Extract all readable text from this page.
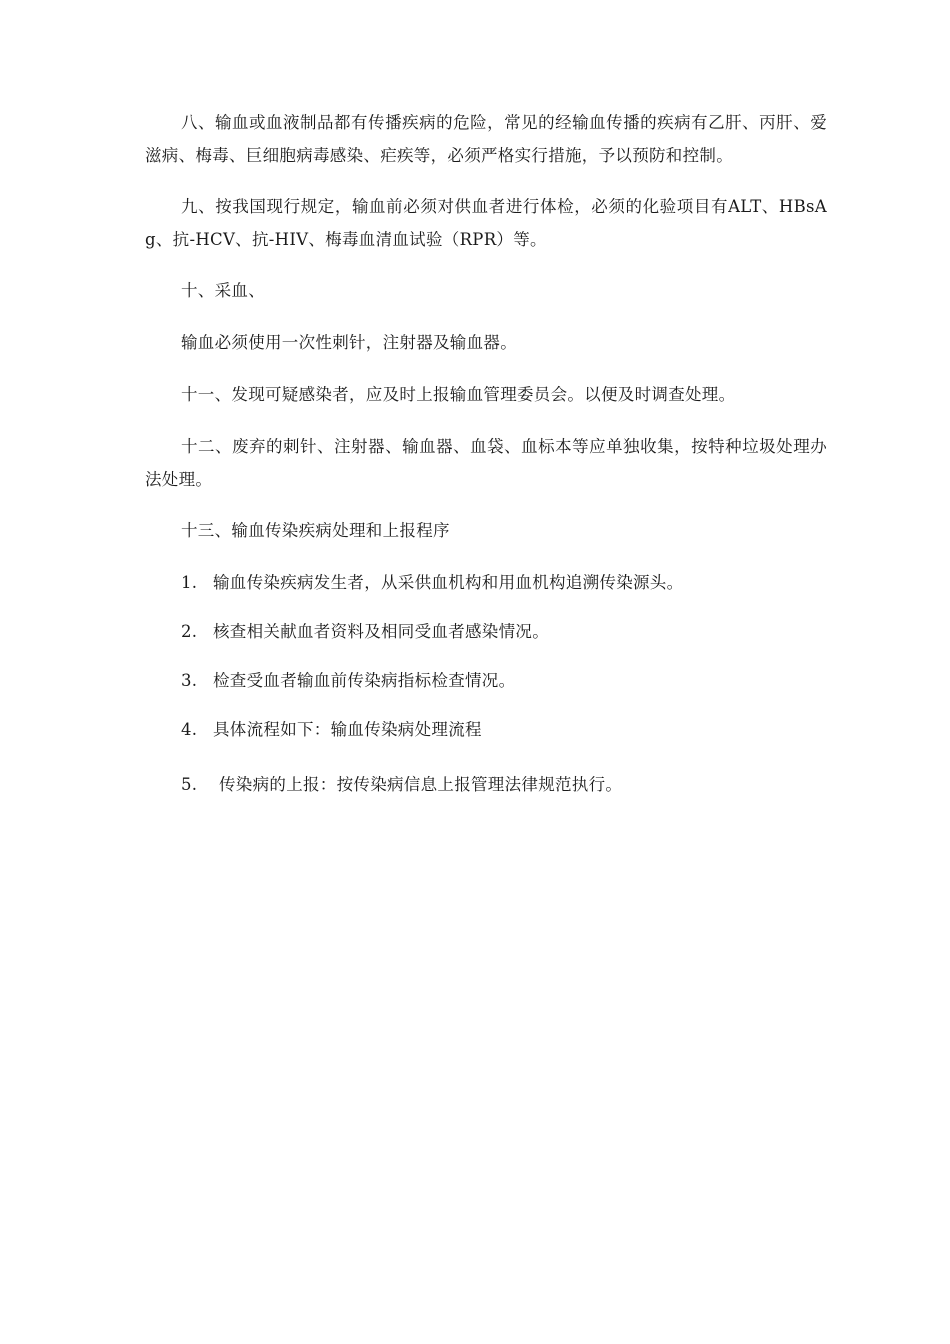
八、输血或血液制品都有传播疾病的危险，常见的经输血传播的疾病有乙肝、丙肝、爱滋病、梅毒、巨细胞病毒感染、疟疾等，必须严格实行措施，予以预防和控制。

九、按我国现行规定，输血前必须对供血者进行体检，必须的化验项目有ALT、HBsAg、抗-HCV、抗-HIV、梅毒血清血试验（RPR）等。

十、采血、

输血必须使用一次性刺针，注射器及输血器。

十一、发现可疑感染者，应及时上报输血管理委员会。以便及时调查处理。

十二、废弃的刺针、注射器、输血器、血袋、血标本等应单独收集，按特种垃圾处理办法处理。

十三、输血传染疾病处理和上报程序

1. 输血传染疾病发生者，从采供血机构和用血机构追溯传染源头。
2. 核查相关献血者资料及相同受血者感染情况。
3. 检查受血者输血前传染病指标检查情况。
4. 具体流程如下：输血传染病处理流程
5.	传染病的上报：按传染病信息上报管理法律规范执行。
